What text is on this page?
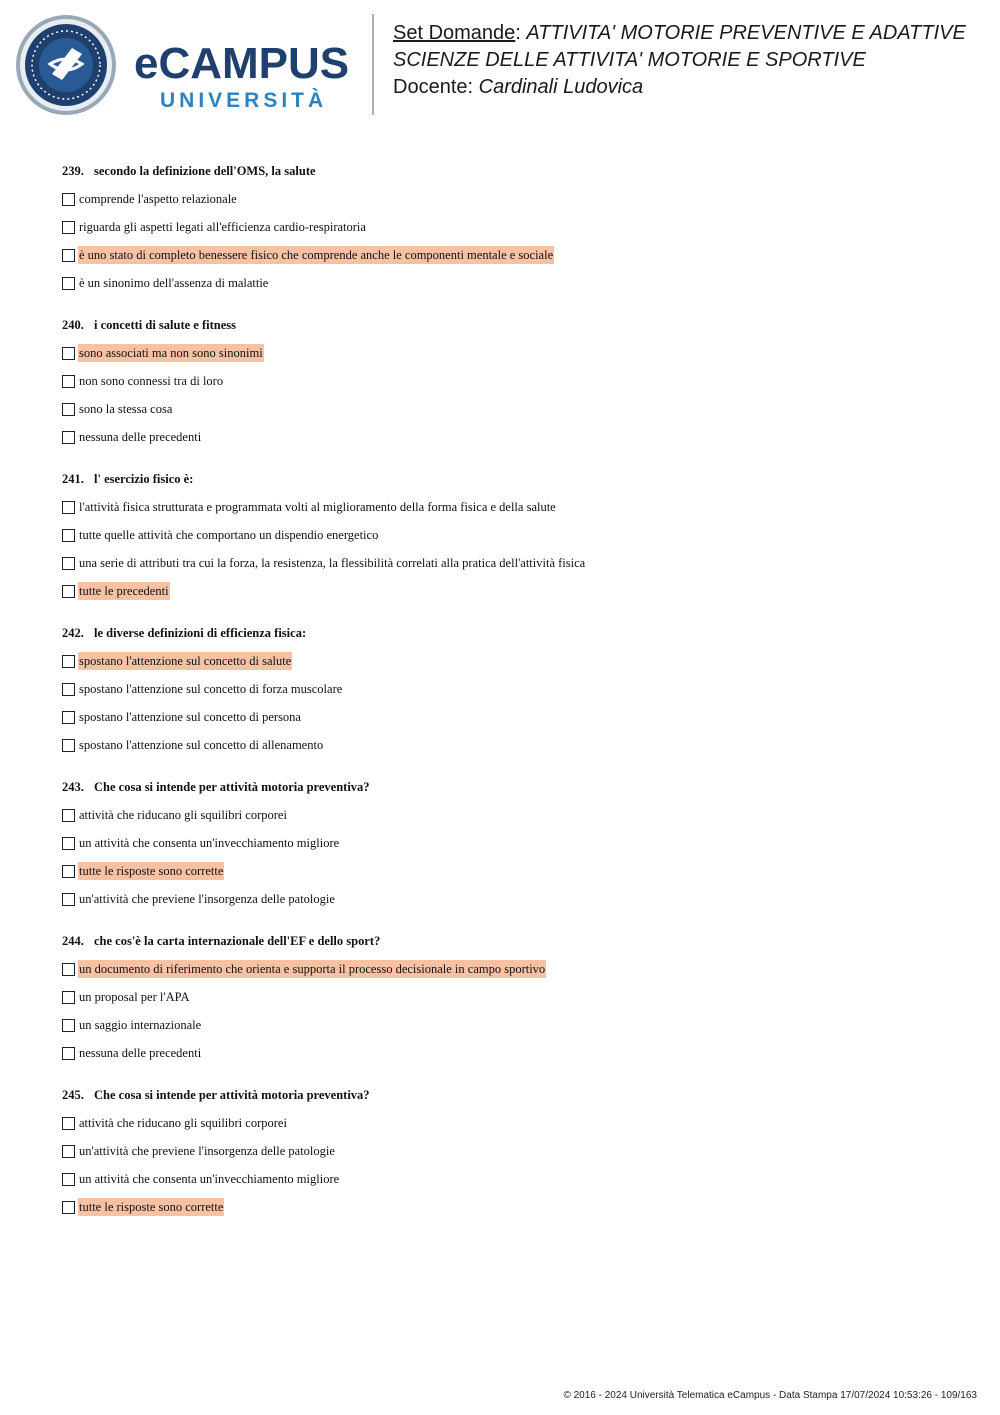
eCAMPUS
UNIVERSITÀ
Set Domande: ATTIVITA' MOTORIE PREVENTIVE E ADATTIVE
SCIENZE DELLE ATTIVITA' MOTORIE E SPORTIVE
Docente: Cardinali Ludovica
239. secondo la definizione dell'OMS, la salute
comprende l'aspetto relazionale
riguarda gli aspetti legati all'efficienza cardio-respiratoria
è uno stato di completo benessere fisico che comprende anche le componenti mentale e sociale
è un sinonimo dell'assenza di malattie
240. i concetti di salute e fitness
sono associati ma non sono sinonimi
non sono connessi tra di loro
sono la stessa cosa
nessuna delle precedenti
241. l' esercizio fisico è:
l'attività fisica strutturata e programmata volti al miglioramento della forma fisica e della salute
tutte quelle attività che comportano un dispendio energetico
una serie di attributi tra cui la forza, la resistenza, la flessibilità correlati alla pratica dell'attività fisica
tutte le precedenti
242. le diverse definizioni di efficienza fisica:
spostano l'attenzione sul concetto di salute
spostano l'attenzione sul concetto di forza muscolare
spostano l'attenzione sul concetto di persona
spostano l'attenzione sul concetto di allenamento
243. Che cosa si intende per attività motoria preventiva?
attività che riducano gli squilibri corporei
un attività che consenta un'invecchiamento migliore
tutte le risposte sono corrette
un'attività che previene l'insorgenza delle patologie
244. che cos'è la carta internazionale dell'EF e dello sport?
un documento di riferimento che orienta e supporta il processo decisionale in campo sportivo
un proposal per l'APA
un saggio internazionale
nessuna delle precedenti
245. Che cosa si intende per attività motoria preventiva?
attività che riducano gli squilibri corporei
un'attività che previene l'insorgenza delle patologie
un attività che consenta un'invecchiamento migliore
tutte le risposte sono corrette
© 2016 - 2024 Università Telematica eCampus - Data Stampa 17/07/2024 10:53:26 - 109/163
